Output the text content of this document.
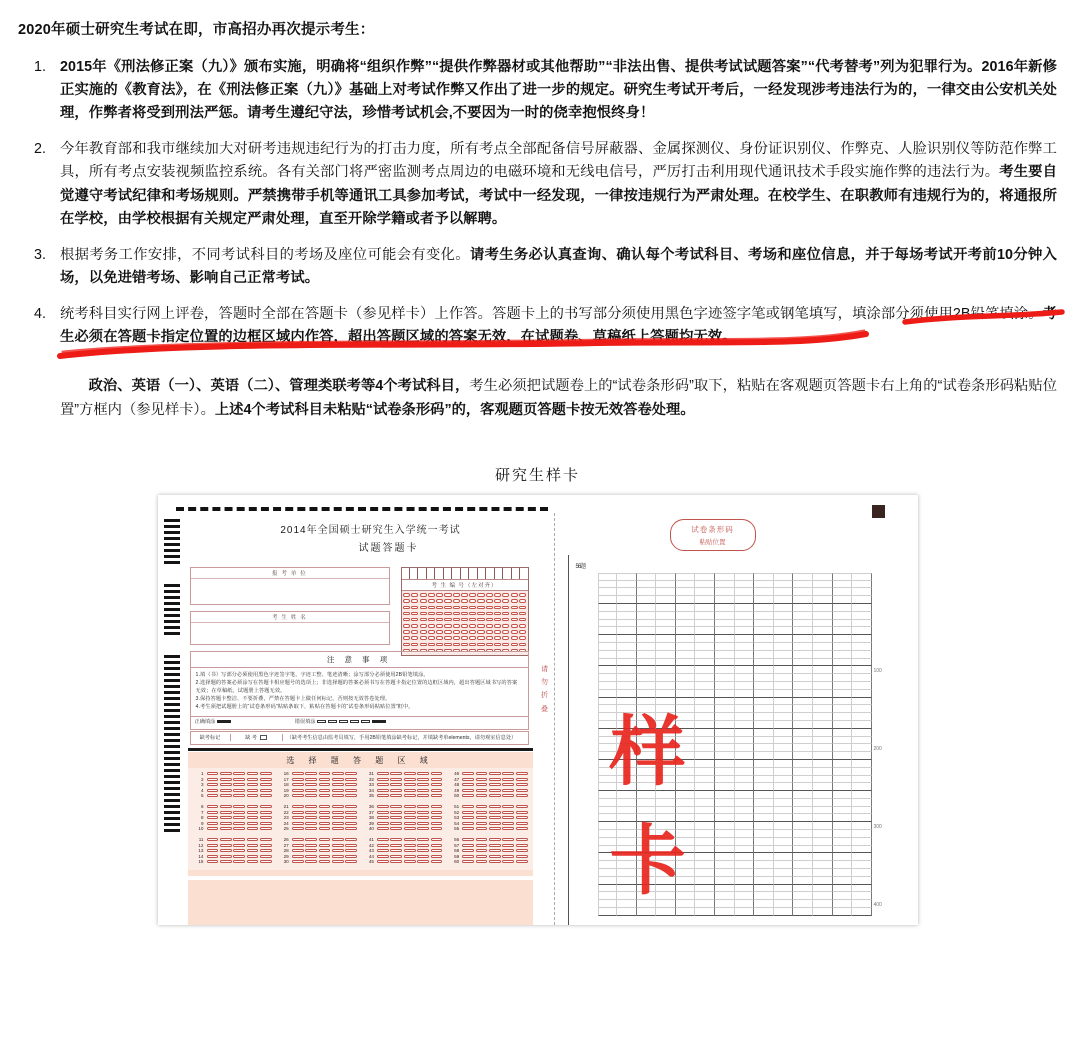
2020年硕士研究生考试在即，市高招办再次提示考生：
1. 2015年《刑法修正案（九）》颁布实施，明确将“组织作弊”“提供作弊器材或其他帮助”“非法出售、提供考试试题答案”“代考替考”列为犯罪行为。2016年新修正实施的《教育法》，在《刑法修正案（九）》基础上对考试作弊又作出了进一步的规定。研究生考试开考后，一经发现涉考违法行为的，一律交由公安机关处理，作弊者将受到刑法严惩。请考生遵纪守法，珍惜考试机会,不要因为一时的侥幸抱恨终身！
2. 今年教育部和我市继续加大对研考违规违纪行为的打击力度，所有考点全部配备信号屏蔽器、金属探测仪、身份证识别仪、作弊克、人脸识别仪等防范作弊工具，所有考点安装视频监控系统。各有关部门将严密监测考点周边的电磁环境和无线电信号，严厉打击利用现代通讯技术手段实施作弊的违法行为。考生要自觉遵守考试纪律和考场规则。严禁携带手机等通讯工具参加考试，考试中一经发现，一律按违规行为严肃处理。在校学生、在职教师有违规行为的，将通报所在学校，由学校根据有关规定严肃处理，直至开除学籍或者予以解聘。
3. 根据考务工作安排，不同考试科目的考场及座位可能会有变化。请考生务必认真查询、确认每个考试科目、考场和座位信息，并于每场考试开考前10分钟入场，以免进错考场、影响自己正常考试。
4. 统考科目实行网上评卷，答题时全部在答题卡（参见样卡）上作答。答题卡上的书写部分须使用黑色字迹签字笔或钢笔填写，填涂部分须使用2B铅笔填涂。考生必须在答题卡指定位置的边框区域内作答，超出答题区域的答案无效，在试题卷、草稿纸上答题均无效。
政治、英语（一）、英语（二）、管理类联考等4个考试科目，考生必须把试题卷上的“试卷条形码”取下，粘贴在客观题页答题卡右上角的“试卷条形码粘贴位置”方框内（参见样卡）。上述4个考试科目未粘贴“试卷条形码”的，客观题页答题卡按无效答卷处理。
研究生样卡
2014年全国硕士研究生入学统一考试
试题答题卡
报 考 单 位
考 生 姓 名
考 生 编 号（左对齐）
注 意 事 项
1.填（书）写部分必须使用黑色字迹签字笔，字迹工整、笔迹清晰；涂写部分必须使用2B铅笔填涂。
2.选择题的答案必须涂写在答题卡相应题号的选项上；非选择题的答案必须书写在答题卡指定位置的边框区域内，超出答题区域书写的答案无效；在草稿纸、试题册上答题无效。
3.保持答题卡整洁、不要折叠，严禁在答题卡上做任何标记，否则按无效答卷处理。
4.考生须把试题册上的“试卷条形码”粘贴条取下，粘贴在答题卡的“试卷条形码粘贴位置”框中。
正确填涂	错误填涂
缺考标记	缺 考	（缺考考生信息由监考员填写，手用2B铅笔填涂缺考标记，并填缺考单elements，请勿观室信息处）
选 择 题 答 题 区 域
1
2
3
4
5
6
7
8
9
10
11
12
13
14
15
16
17
18
19
20
21
22
23
24
25
26
27
28
29
30
31
32
33
34
35
36
37
38
39
40
41
42
43
44
45
46
47
48
49
50
51
52
53
54
55
56
57
58
59
60
请勿折叠
试卷条形码
粘贴位置
56题
100
200
300
400
样 卡
